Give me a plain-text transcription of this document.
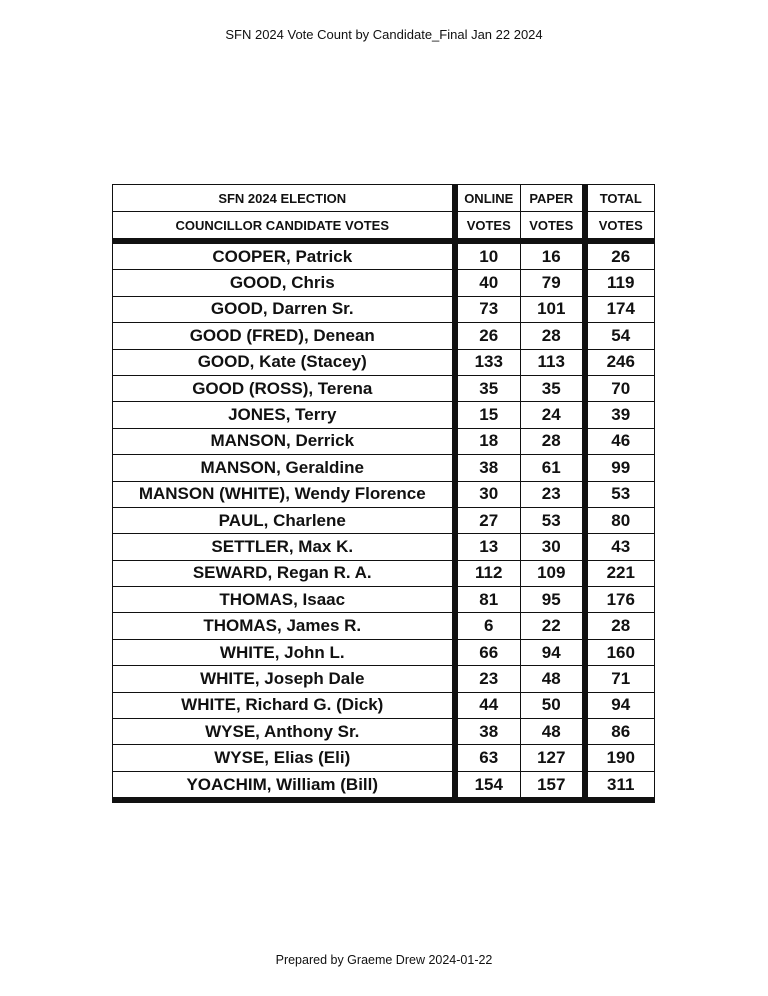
SFN 2024 Vote Count by Candidate_Final Jan 22 2024
SFN 2024 ELECTION	ONLINE	PAPER	TOTAL
COUNCILLOR CANDIDATE VOTES	VOTES	VOTES	VOTES
COOPER, Patrick	10	16	26
GOOD, Chris	40	79	119
GOOD, Darren Sr.	73	101	174
GOOD (FRED), Denean	26	28	54
GOOD, Kate (Stacey)	133	113	246
GOOD (ROSS), Terena	35	35	70
JONES, Terry	15	24	39
MANSON, Derrick	18	28	46
MANSON, Geraldine	38	61	99
MANSON (WHITE), Wendy Florence	30	23	53
PAUL, Charlene	27	53	80
SETTLER, Max K.	13	30	43
SEWARD, Regan R. A.	112	109	221
THOMAS, Isaac	81	95	176
THOMAS, James R.	6	22	28
WHITE, John L.	66	94	160
WHITE, Joseph Dale	23	48	71
WHITE, Richard G. (Dick)	44	50	94
WYSE, Anthony Sr.	38	48	86
WYSE, Elias (Eli)	63	127	190
YOACHIM, William (Bill)	154	157	311
Prepared by Graeme Drew 2024-01-22
